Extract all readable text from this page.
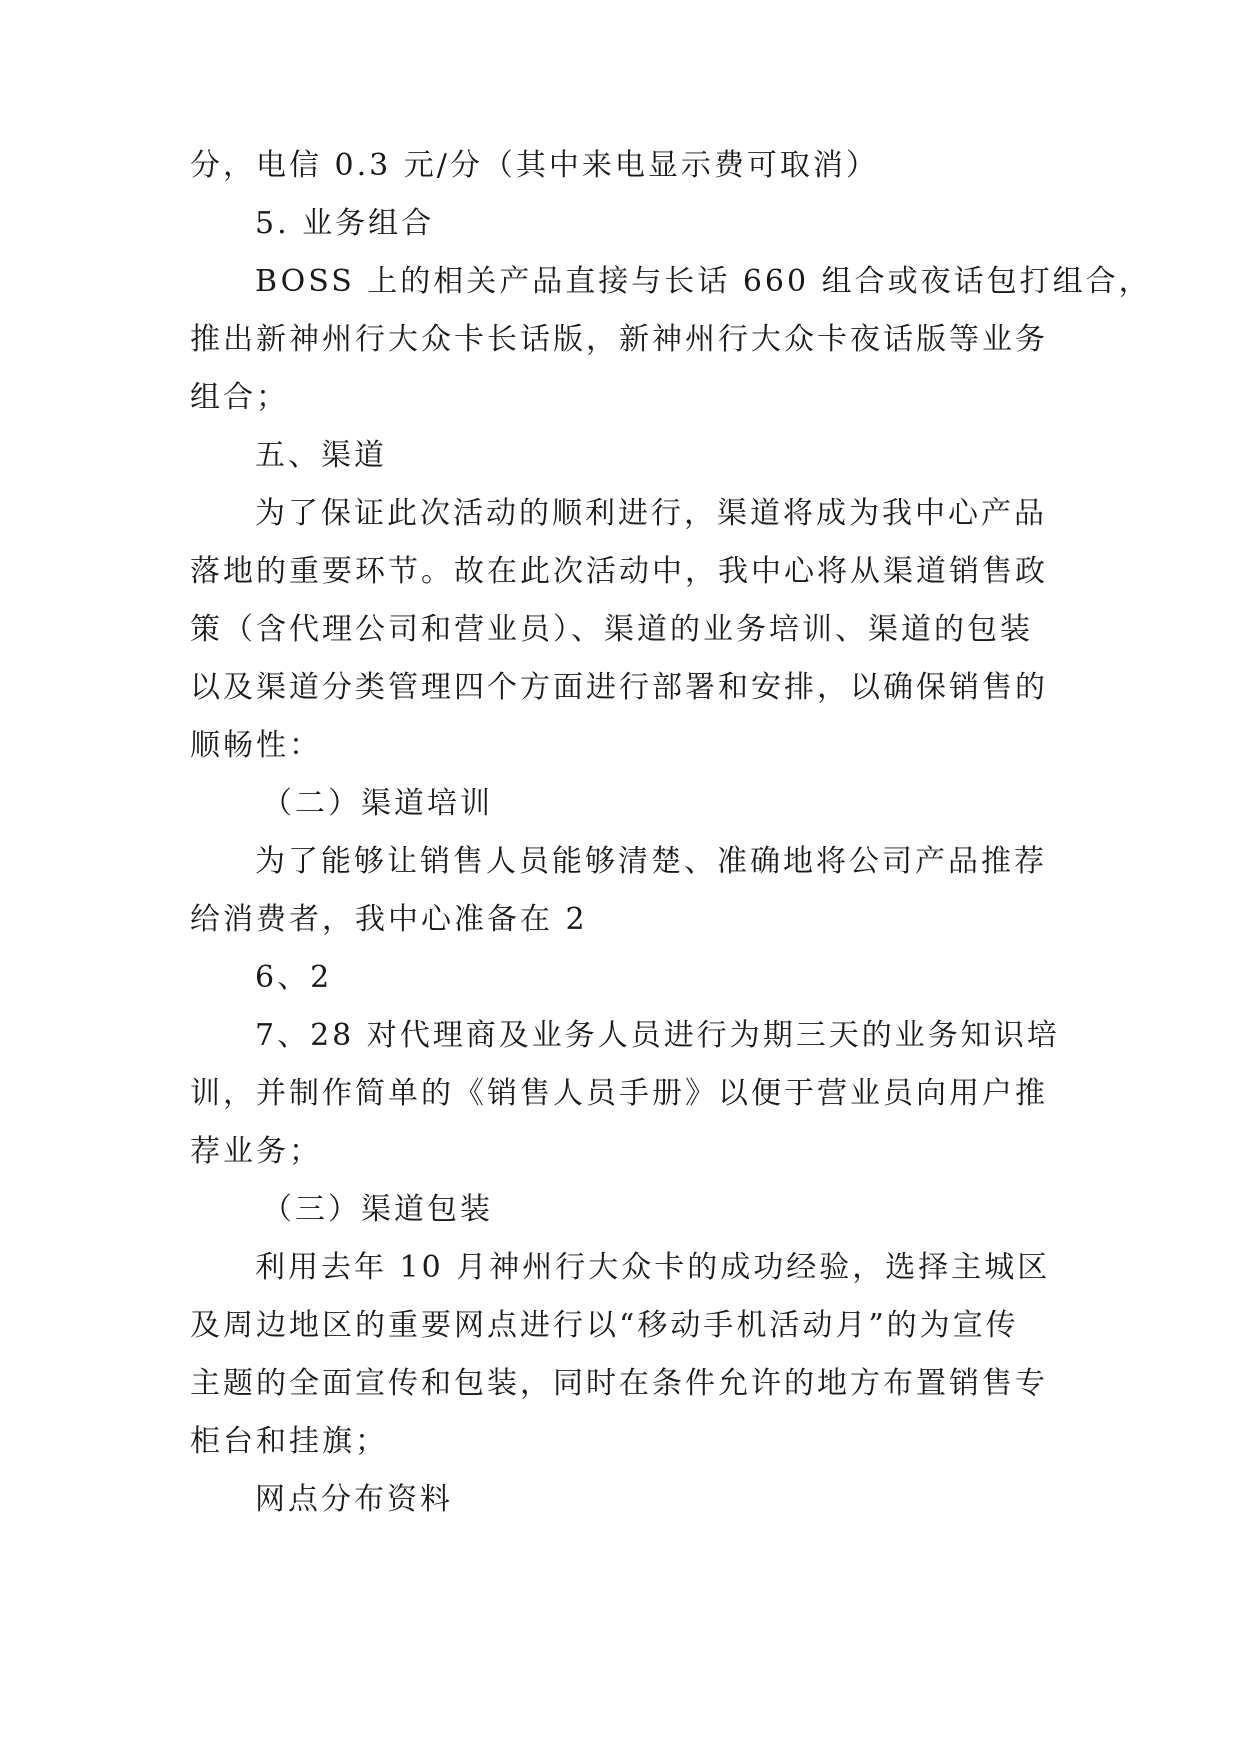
分，电信 0.3 元/分（其中来电显示费可取消）
5. 业务组合
BOSS 上的相关产品直接与长话 660 组合或夜话包打组合，
推出新神州行大众卡长话版，新神州行大众卡夜话版等业务
组合；
五、渠道
为了保证此次活动的顺利进行，渠道将成为我中心产品
落地的重要环节。故在此次活动中，我中心将从渠道销售政
策（含代理公司和营业员）、渠道的业务培训、渠道的包装
以及渠道分类管理四个方面进行部署和安排，以确保销售的
顺畅性：
（二）渠道培训
为了能够让销售人员能够清楚、准确地将公司产品推荐
给消费者，我中心准备在 2
6、2
7、28 对代理商及业务人员进行为期三天的业务知识培
训，并制作简单的《销售人员手册》以便于营业员向用户推
荐业务；
（三）渠道包装
利用去年 10 月神州行大众卡的成功经验，选择主城区
及周边地区的重要网点进行以“移动手机活动月”的为宣传
主题的全面宣传和包装，同时在条件允许的地方布置销售专
柜台和挂旗；
网点分布资料
